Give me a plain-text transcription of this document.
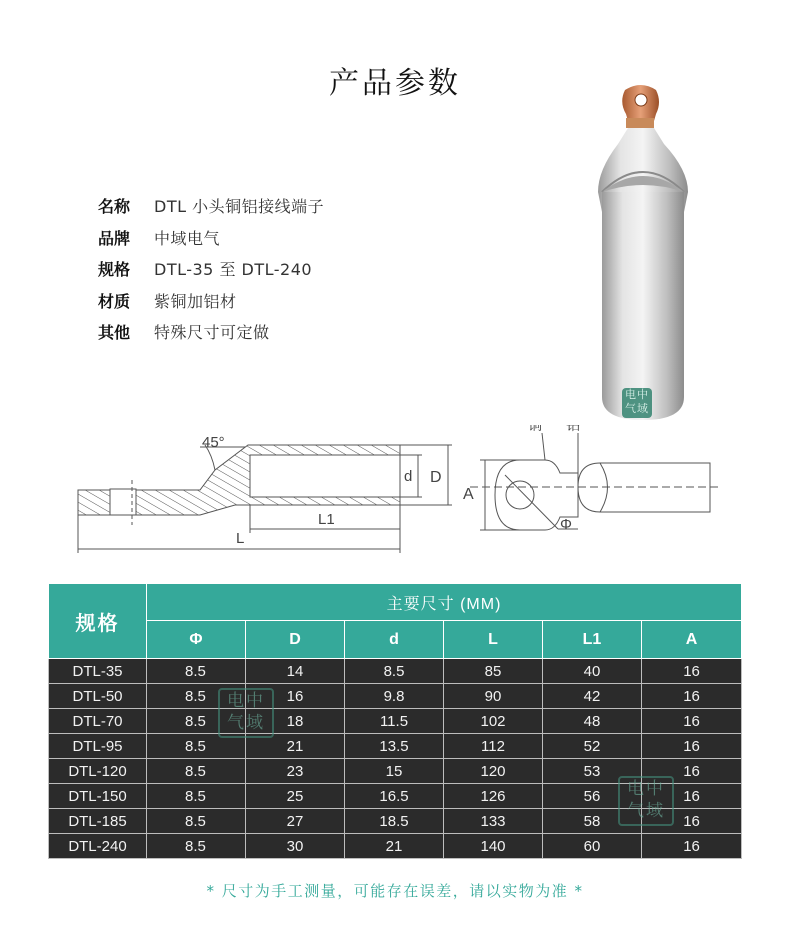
产品参数
名称 DTL 小头铜铝接线端子
品牌 中域电气
规格 DTL-35 至 DTL-240
材质 紫铜加铝材
其他 特殊尺寸可定做
电中
气域
45°
d D
L1
L
铜 铝
A
Φ
规格	主要尺寸 (MM)					
	Φ	D	d	L	L1	A
DTL-35	8.5	14	8.5	85	40	16
DTL-50	8.5	16	9.8	90	42	16
DTL-70	8.5	18	11.5	102	48	16
DTL-95	8.5	21	13.5	112	52	16
DTL-120	8.5	23	15	120	53	16
DTL-150	8.5	25	16.5	126	56	16
DTL-185	8.5	27	18.5	133	58	16
DTL-240	8.5	30	21	140	60	16
电中
气域
电中
气域
* 尺寸为手工测量，可能存在误差，请以实物为准 *
